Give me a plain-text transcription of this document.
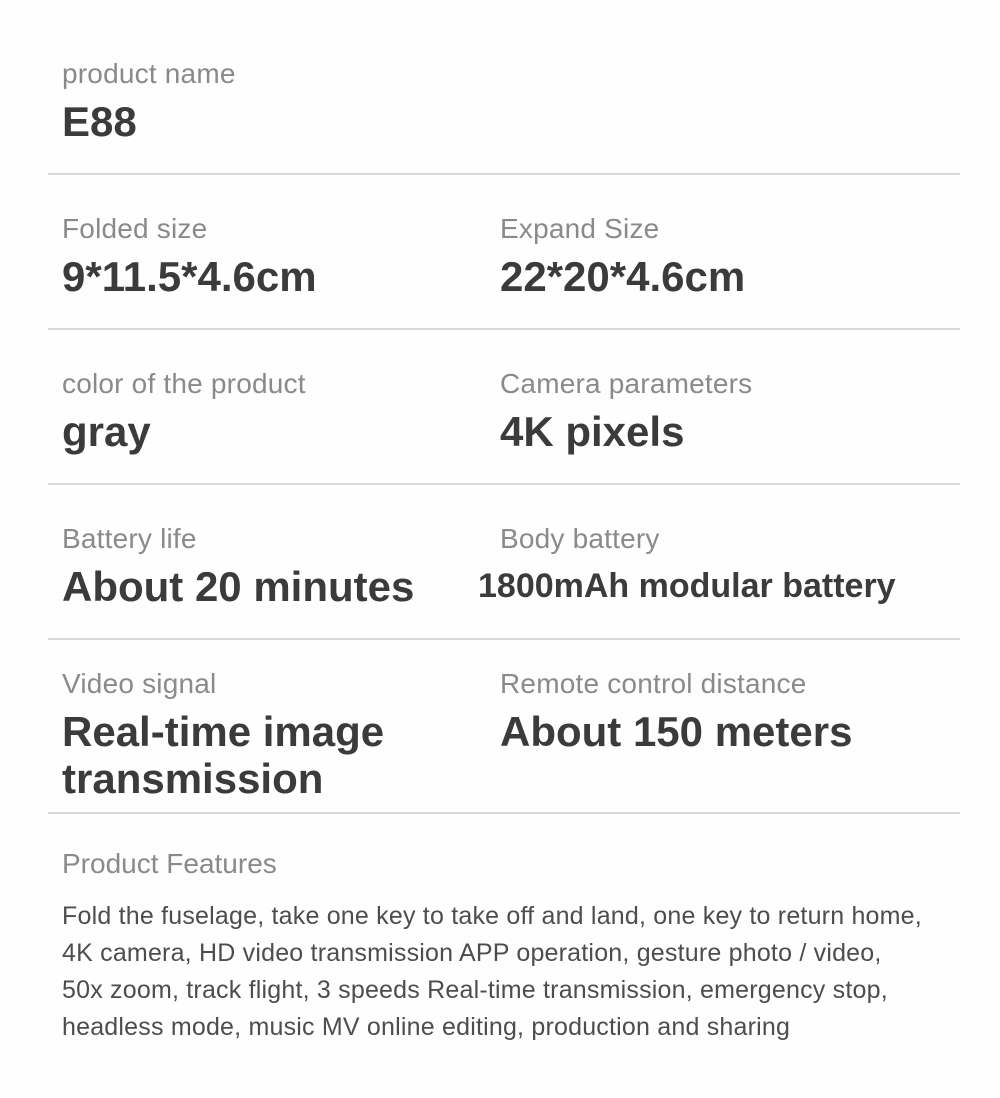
product name
E88
Folded size
9*11.5*4.6cm
Expand Size
22*20*4.6cm
color of the product
gray
Camera parameters
4K pixels
Battery life
About 20 minutes
Body battery
1800mAh modular battery
Video signal
Real-time image transmission
Remote control distance
About 150 meters
Product Features
Fold the fuselage, take one key to take off and land, one key to return home,
4K camera, HD video transmission APP operation, gesture photo / video,
50x zoom, track flight, 3 speeds Real-time transmission, emergency stop,
headless mode, music MV online editing, production and sharing
